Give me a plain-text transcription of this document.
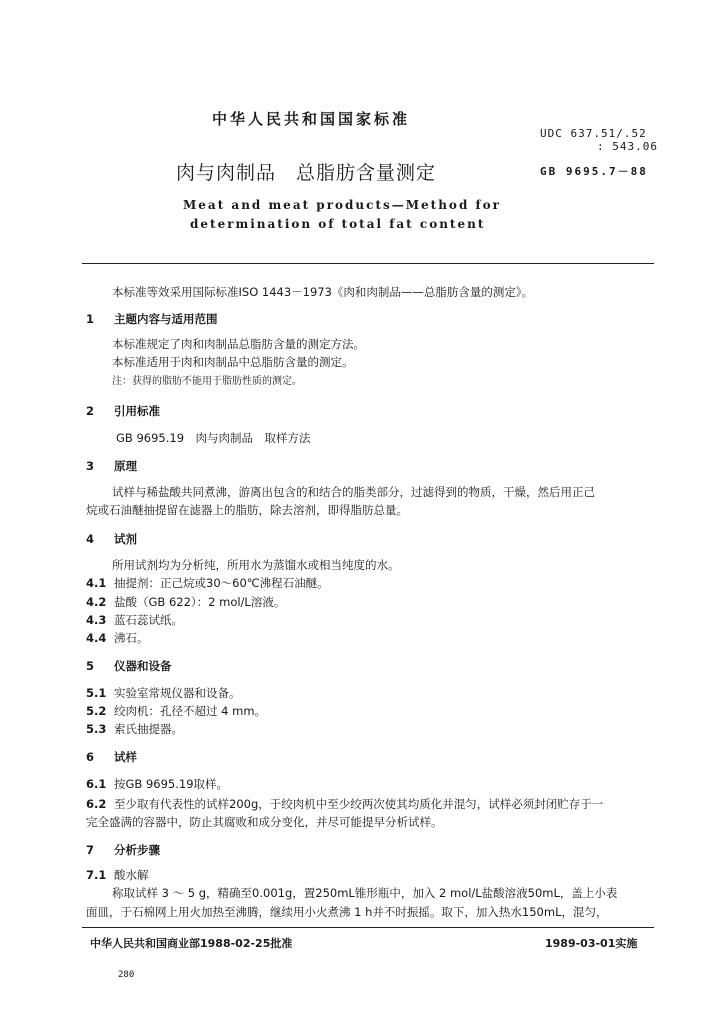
中华人民共和国国家标准
UDC 637.51/.52
: 543.06
肉与肉制品　总脂肪含量测定	GB 9695.7－88
Meat and meat products—Method for
determination of total fat content
本标准等效采用国际标准ISO 1443－1973《肉和肉制品——总脂肪含量的测定》。
1 主题内容与适用范围
本标准规定了肉和肉制品总脂肪含量的测定方法。
本标准适用于肉和肉制品中总脂肪含量的测定。
注：获得的脂肪不能用于脂肪性质的测定。
2 引用标准
GB 9695.19　肉与肉制品　取样方法
3 原理
试样与稀盐酸共同煮沸，游离出包含的和结合的脂类部分，过滤得到的物质，干燥，然后用正己
烷或石油醚抽提留在滤器上的脂肪，除去溶剂，即得脂肪总量。
4 试剂
所用试剂均为分析纯，所用水为蒸馏水或相当纯度的水。
4.1 抽提剂：正己烷或30～60℃沸程石油醚。
4.2 盐酸（GB 622）：2 mol/L溶液。
4.3 蓝石蕊试纸。
4.4 沸石。
5 仪器和设备
5.1 实验室常规仪器和设备。
5.2 绞肉机：孔径不超过 4 mm。
5.3 索氏抽提器。
6 试样
6.1 按GB 9695.19取样。
6.2 至少取有代表性的试样200g，于绞肉机中至少绞两次使其均质化并混匀，试样必须封闭贮存于一
完全盛满的容器中，防止其腐败和成分变化，并尽可能提早分析试样。
7 分析步骤
7.1 酸水解
称取试样 3 ～ 5 g，精确至0.001g，置250mL锥形瓶中，加入 2 mol/L盐酸溶液50mL，盖上小表
面皿，于石棉网上用火加热至沸腾，继续用小火煮沸 1 h并不时振摇。取下，加入热水150mL，混匀，
中华人民共和国商业部1988-02-25批准	1989-03-01实施
280
